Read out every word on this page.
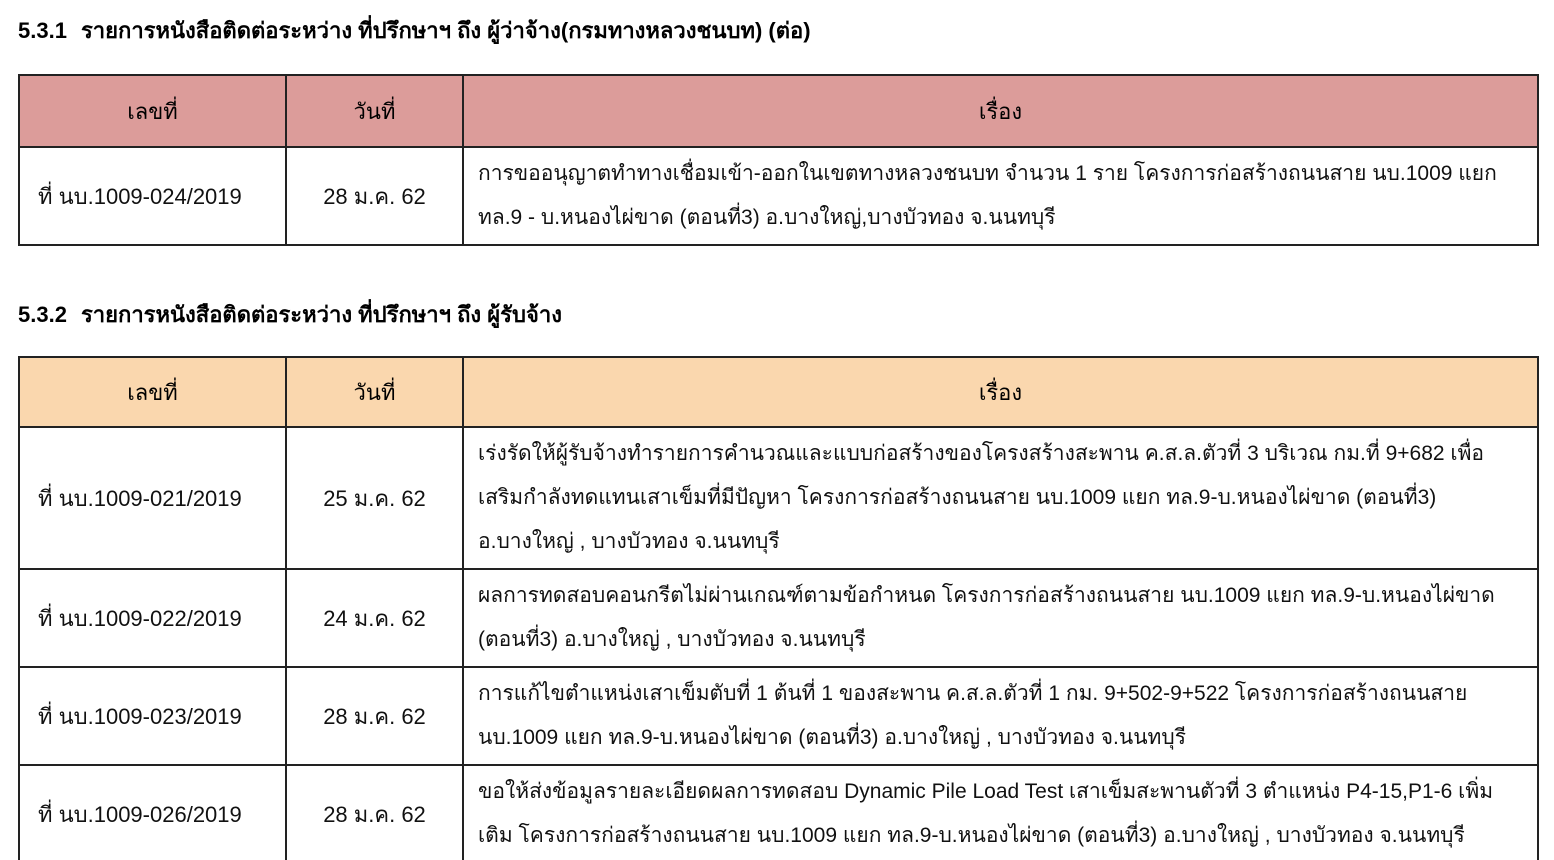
5.3.1 รายการหนังสือติดต่อระหว่าง ที่ปรึกษาฯ ถึง ผู้ว่าจ้าง(กรมทางหลวงชนบท) (ต่อ)
เลขที่	วันที่	เรื่อง
ที่ นบ.1009-024/2019	28 ม.ค. 62	การขออนุญาตทำทางเชื่อมเข้า-ออกในเขตทางหลวงชนบท จำนวน 1 ราย โครงการก่อสร้างถนนสาย นบ.1009 แยก ทล.9 - บ.หนองไผ่ขาด (ตอนที่3) อ.บางใหญ่,บางบัวทอง จ.นนทบุรี
5.3.2 รายการหนังสือติดต่อระหว่าง ที่ปรึกษาฯ ถึง ผู้รับจ้าง
เลขที่	วันที่	เรื่อง
ที่ นบ.1009-021/2019	25 ม.ค. 62	เร่งรัดให้ผู้รับจ้างทำรายการคำนวณและแบบก่อสร้างของโครงสร้างสะพาน ค.ส.ล.ตัวที่ 3 บริเวณ กม.ที่ 9+682 เพื่อเสริมกำลังทดแทนเสาเข็มที่มีปัญหา โครงการก่อสร้างถนนสาย นบ.1009 แยก ทล.9-บ.หนองไผ่ขาด (ตอนที่3) อ.บางใหญ่ , บางบัวทอง จ.นนทบุรี
ที่ นบ.1009-022/2019	24 ม.ค. 62	ผลการทดสอบคอนกรีตไม่ผ่านเกณฑ์ตามข้อกำหนด โครงการก่อสร้างถนนสาย นบ.1009 แยก ทล.9-บ.หนองไผ่ขาด (ตอนที่3) อ.บางใหญ่ , บางบัวทอง จ.นนทบุรี
ที่ นบ.1009-023/2019	28 ม.ค. 62	การแก้ไขตำแหน่งเสาเข็มตับที่ 1 ต้นที่ 1 ของสะพาน ค.ส.ล.ตัวที่ 1 กม. 9+502-9+522 โครงการก่อสร้างถนนสาย นบ.1009 แยก ทล.9-บ.หนองไผ่ขาด (ตอนที่3) อ.บางใหญ่ , บางบัวทอง จ.นนทบุรี
ที่ นบ.1009-026/2019	28 ม.ค. 62	ขอให้ส่งข้อมูลรายละเอียดผลการทดสอบ Dynamic Pile Load Test เสาเข็มสะพานตัวที่ 3 ตำแหน่ง P4-15,P1-6 เพิ่มเติม โครงการก่อสร้างถนนสาย นบ.1009 แยก ทล.9-บ.หนองไผ่ขาด (ตอนที่3) อ.บางใหญ่ , บางบัวทอง จ.นนทบุรี
